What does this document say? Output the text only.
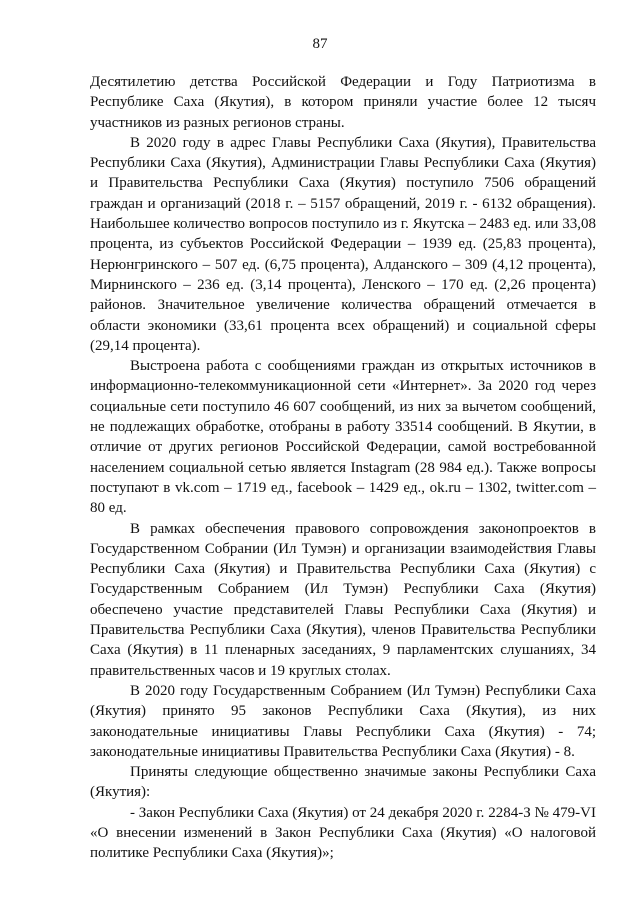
87

Десятилетию детства Российской Федерации и Году Патриотизма в Республике Саха (Якутия), в котором приняли участие более 12 тысяч участников из разных регионов страны.

В 2020 году в адрес Главы Республики Саха (Якутия), Правительства Республики Саха (Якутия), Администрации Главы Республики Саха (Якутия) и Правительства Республики Саха (Якутия) поступило 7506 обращений граждан и организаций (2018 г. – 5157 обращений, 2019 г. - 6132 обращения). Наибольшее количество вопросов поступило из г. Якутска – 2483 ед. или 33,08 процента, из субъектов Российской Федерации – 1939 ед. (25,83 процента), Нерюнгринского – 507 ед. (6,75 процента), Алданского – 309 (4,12 процента), Мирнинского – 236 ед. (3,14 процента), Ленского – 170 ед. (2,26 процента) районов. Значительное увеличение количества обращений отмечается в области экономики (33,61 процента всех обращений) и социальной сферы (29,14 процента).

Выстроена работа с сообщениями граждан из открытых источников в информационно-телекоммуникационной сети «Интернет». За 2020 год через социальные сети поступило 46 607 сообщений, из них за вычетом сообщений, не подлежащих обработке, отобраны в работу 33514 сообщений. В Якутии, в отличие от других регионов Российской Федерации, самой востребованной населением социальной сетью является Instagram (28 984 ед.). Также вопросы поступают в vk.com – 1719 ед., facebook – 1429 ед., ok.ru – 1302, twitter.com – 80 ед.

В рамках обеспечения правового сопровождения законопроектов в Государственном Собрании (Ил Тумэн) и организации взаимодействия Главы Республики Саха (Якутия) и Правительства Республики Саха (Якутия) с Государственным Собранием (Ил Тумэн) Республики Саха (Якутия) обеспечено участие представителей Главы Республики Саха (Якутия) и Правительства Республики Саха (Якутия), членов Правительства Республики Саха (Якутия) в 11 пленарных заседаниях, 9 парламентских слушаниях, 34 правительственных часов и 19 круглых столах.

В 2020 году Государственным Собранием (Ил Тумэн) Республики Саха (Якутия) принято 95 законов Республики Саха (Якутия), из них законодательные инициативы Главы Республики Саха (Якутия) - 74; законодательные инициативы Правительства Республики Саха (Якутия) - 8.

Приняты следующие общественно значимые законы Республики Саха (Якутия):

- Закон Республики Саха (Якутия) от 24 декабря 2020 г. 2284-З № 479-VI «О внесении изменений в Закон Республики Саха (Якутия) «О налоговой политике Республики Саха (Якутия)»;
